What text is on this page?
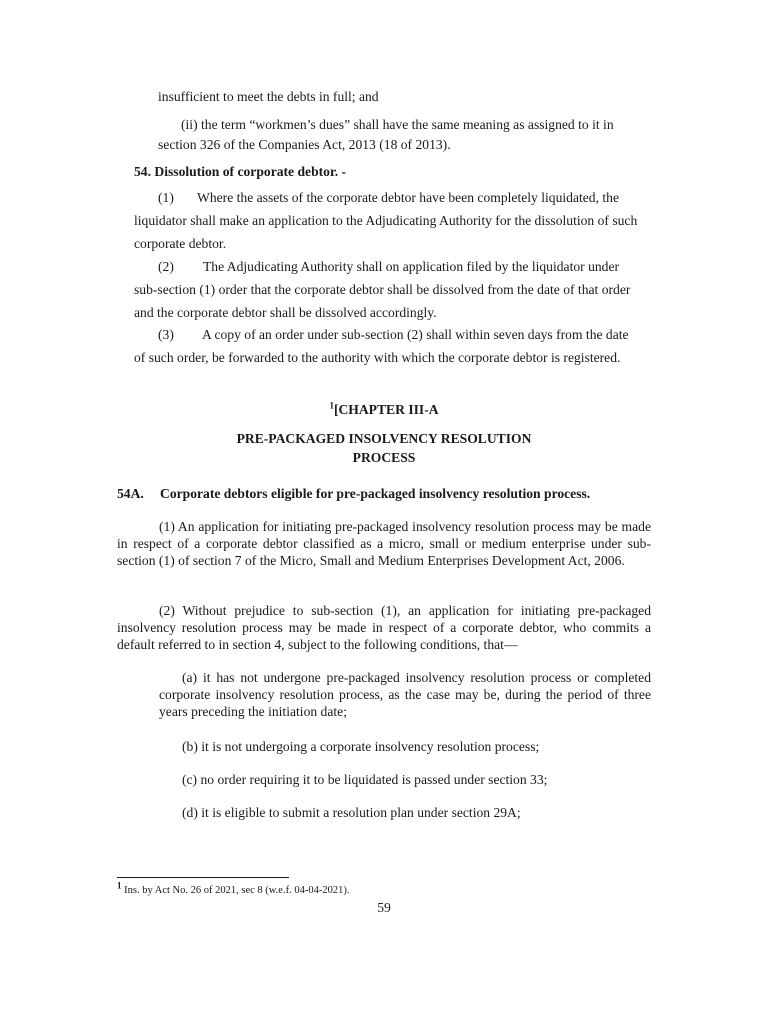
insufficient to meet the debts in full; and
(ii) the term “workmen’s dues” shall have the same meaning as assigned to it in
section 326 of the Companies Act, 2013 (18 of 2013).
54. Dissolution of corporate debtor. -
(1) Where the assets of the corporate debtor have been completely liquidated, the
liquidator shall make an application to the Adjudicating Authority for the dissolution of such corporate debtor.
(2) The Adjudicating Authority shall on application filed by the liquidator under
sub-section (1) order that the corporate debtor shall be dissolved from the date of that order and the corporate debtor shall be dissolved accordingly.
(3) A copy of an order under sub-section (2) shall within seven days from the date
of such order, be forwarded to the authority with which the corporate debtor is registered.
$^1$[CHAPTER III-A
PRE-PACKAGED INSOLVENCY RESOLUTION
PROCESS
54A. Corporate debtors eligible for pre-packaged insolvency resolution process.
(1) An application for initiating pre-packaged insolvency resolution process may be made in respect of a corporate debtor classified as a micro, small or medium enterprise under sub-section (1) of section 7 of the Micro, Small and Medium Enterprises Development Act, 2006.
(2) Without prejudice to sub-section (1), an application for initiating pre-packaged insolvency resolution process may be made in respect of a corporate debtor, who commits a default referred to in section 4, subject to the following conditions, that—
(a) it has not undergone pre-packaged insolvency resolution process or completed corporate insolvency resolution process, as the case may be, during the period of three years preceding the initiation date;
(b) it is not undergoing a corporate insolvency resolution process;
(c) no order requiring it to be liquidated is passed under section 33;
(d) it is eligible to submit a resolution plan under section 29A;
$^1$ Ins. by Act No. 26 of 2021, sec 8 (w.e.f. 04-04-2021).
59
